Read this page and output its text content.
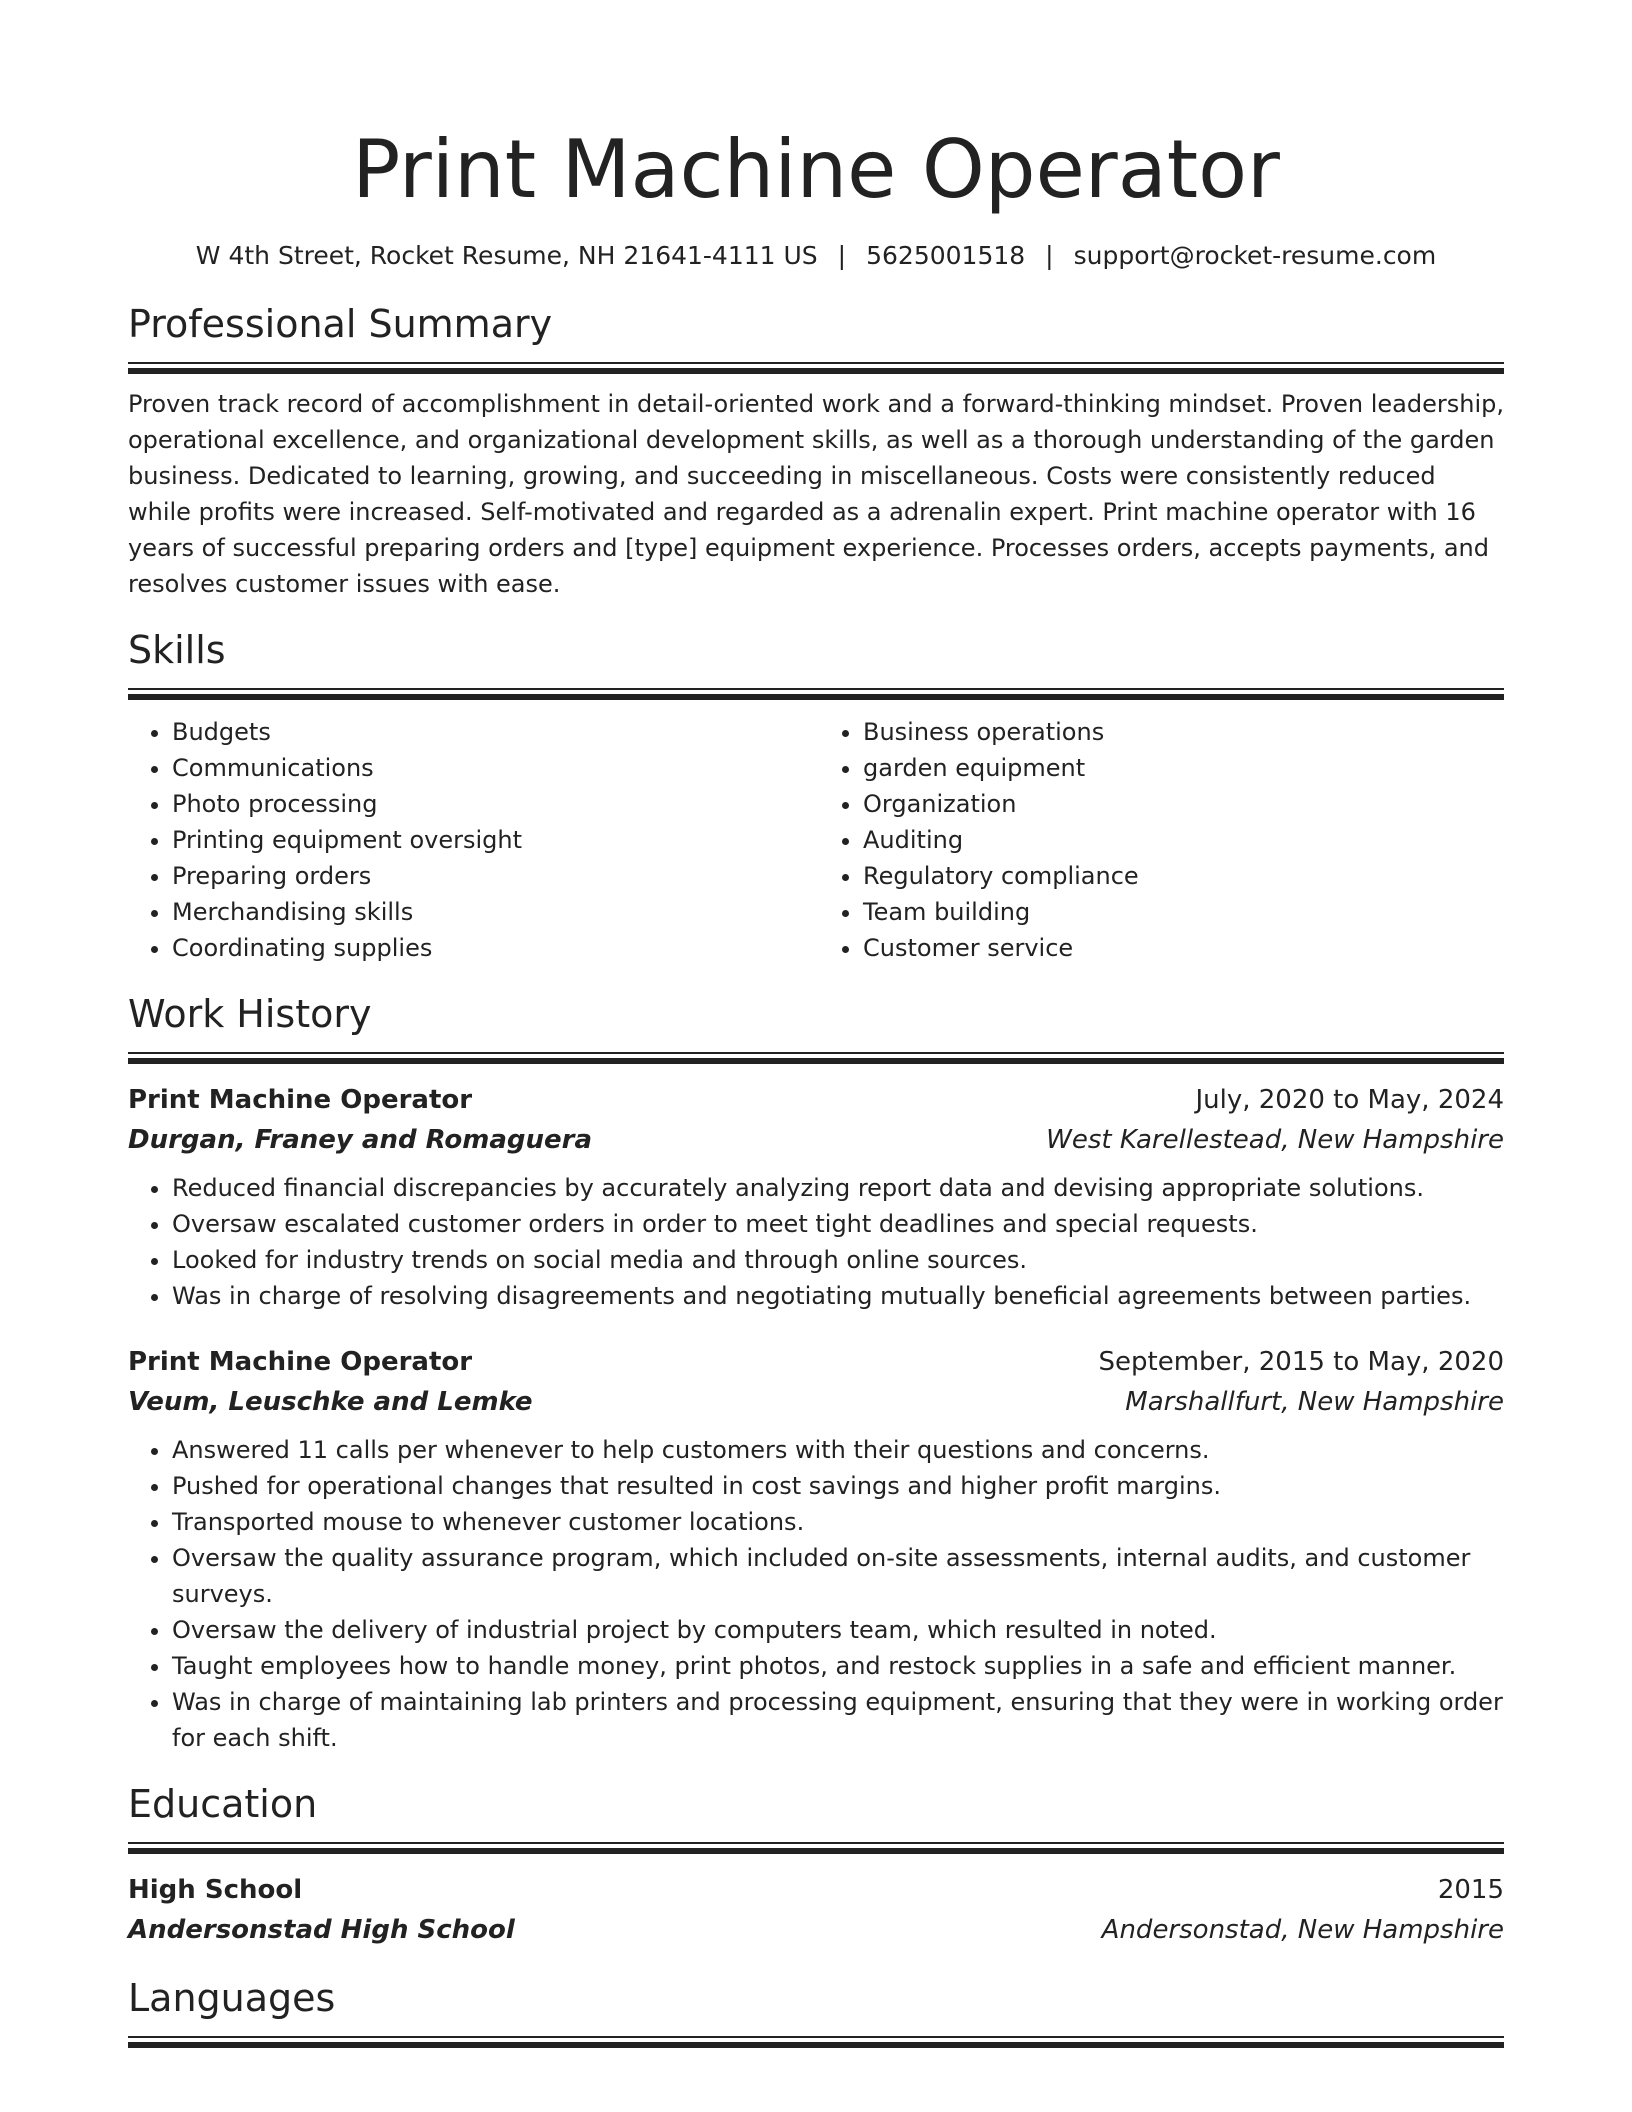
Print Machine Operator
W 4th Street, Rocket Resume, NH 21641-4111 US | 5625001518 | support@rocket-resume.com
Professional Summary
Proven track record of accomplishment in detail-oriented work and a forward-thinking mindset. Proven leadership, operational excellence, and organizational development skills, as well as a thorough understanding of the garden business. Dedicated to learning, growing, and succeeding in miscellaneous. Costs were consistently reduced while profits were increased. Self-motivated and regarded as a adrenalin expert. Print machine operator with 16 years of successful preparing orders and [type] equipment experience. Processes orders, accepts payments, and resolves customer issues with ease.
Skills
• Budgets
• Communications
• Photo processing
• Printing equipment oversight
• Preparing orders
• Merchandising skills
• Coordinating supplies
• Business operations
• garden equipment
• Organization
• Auditing
• Regulatory compliance
• Team building
• Customer service
Work History
Print Machine Operator	July, 2020 to May, 2024
Durgan, Franey and Romaguera	West Karellestead, New Hampshire
• Reduced financial discrepancies by accurately analyzing report data and devising appropriate solutions.
• Oversaw escalated customer orders in order to meet tight deadlines and special requests.
• Looked for industry trends on social media and through online sources.
• Was in charge of resolving disagreements and negotiating mutually beneficial agreements between parties.
Print Machine Operator	September, 2015 to May, 2020
Veum, Leuschke and Lemke	Marshallfurt, New Hampshire
• Answered 11 calls per whenever to help customers with their questions and concerns.
• Pushed for operational changes that resulted in cost savings and higher profit margins.
• Transported mouse to whenever customer locations.
• Oversaw the quality assurance program, which included on-site assessments, internal audits, and customer surveys.
• Oversaw the delivery of industrial project by computers team, which resulted in noted.
• Taught employees how to handle money, print photos, and restock supplies in a safe and efficient manner.
• Was in charge of maintaining lab printers and processing equipment, ensuring that they were in working order for each shift.
Education
High School	2015
Andersonstad High School	Andersonstad, New Hampshire
Languages
